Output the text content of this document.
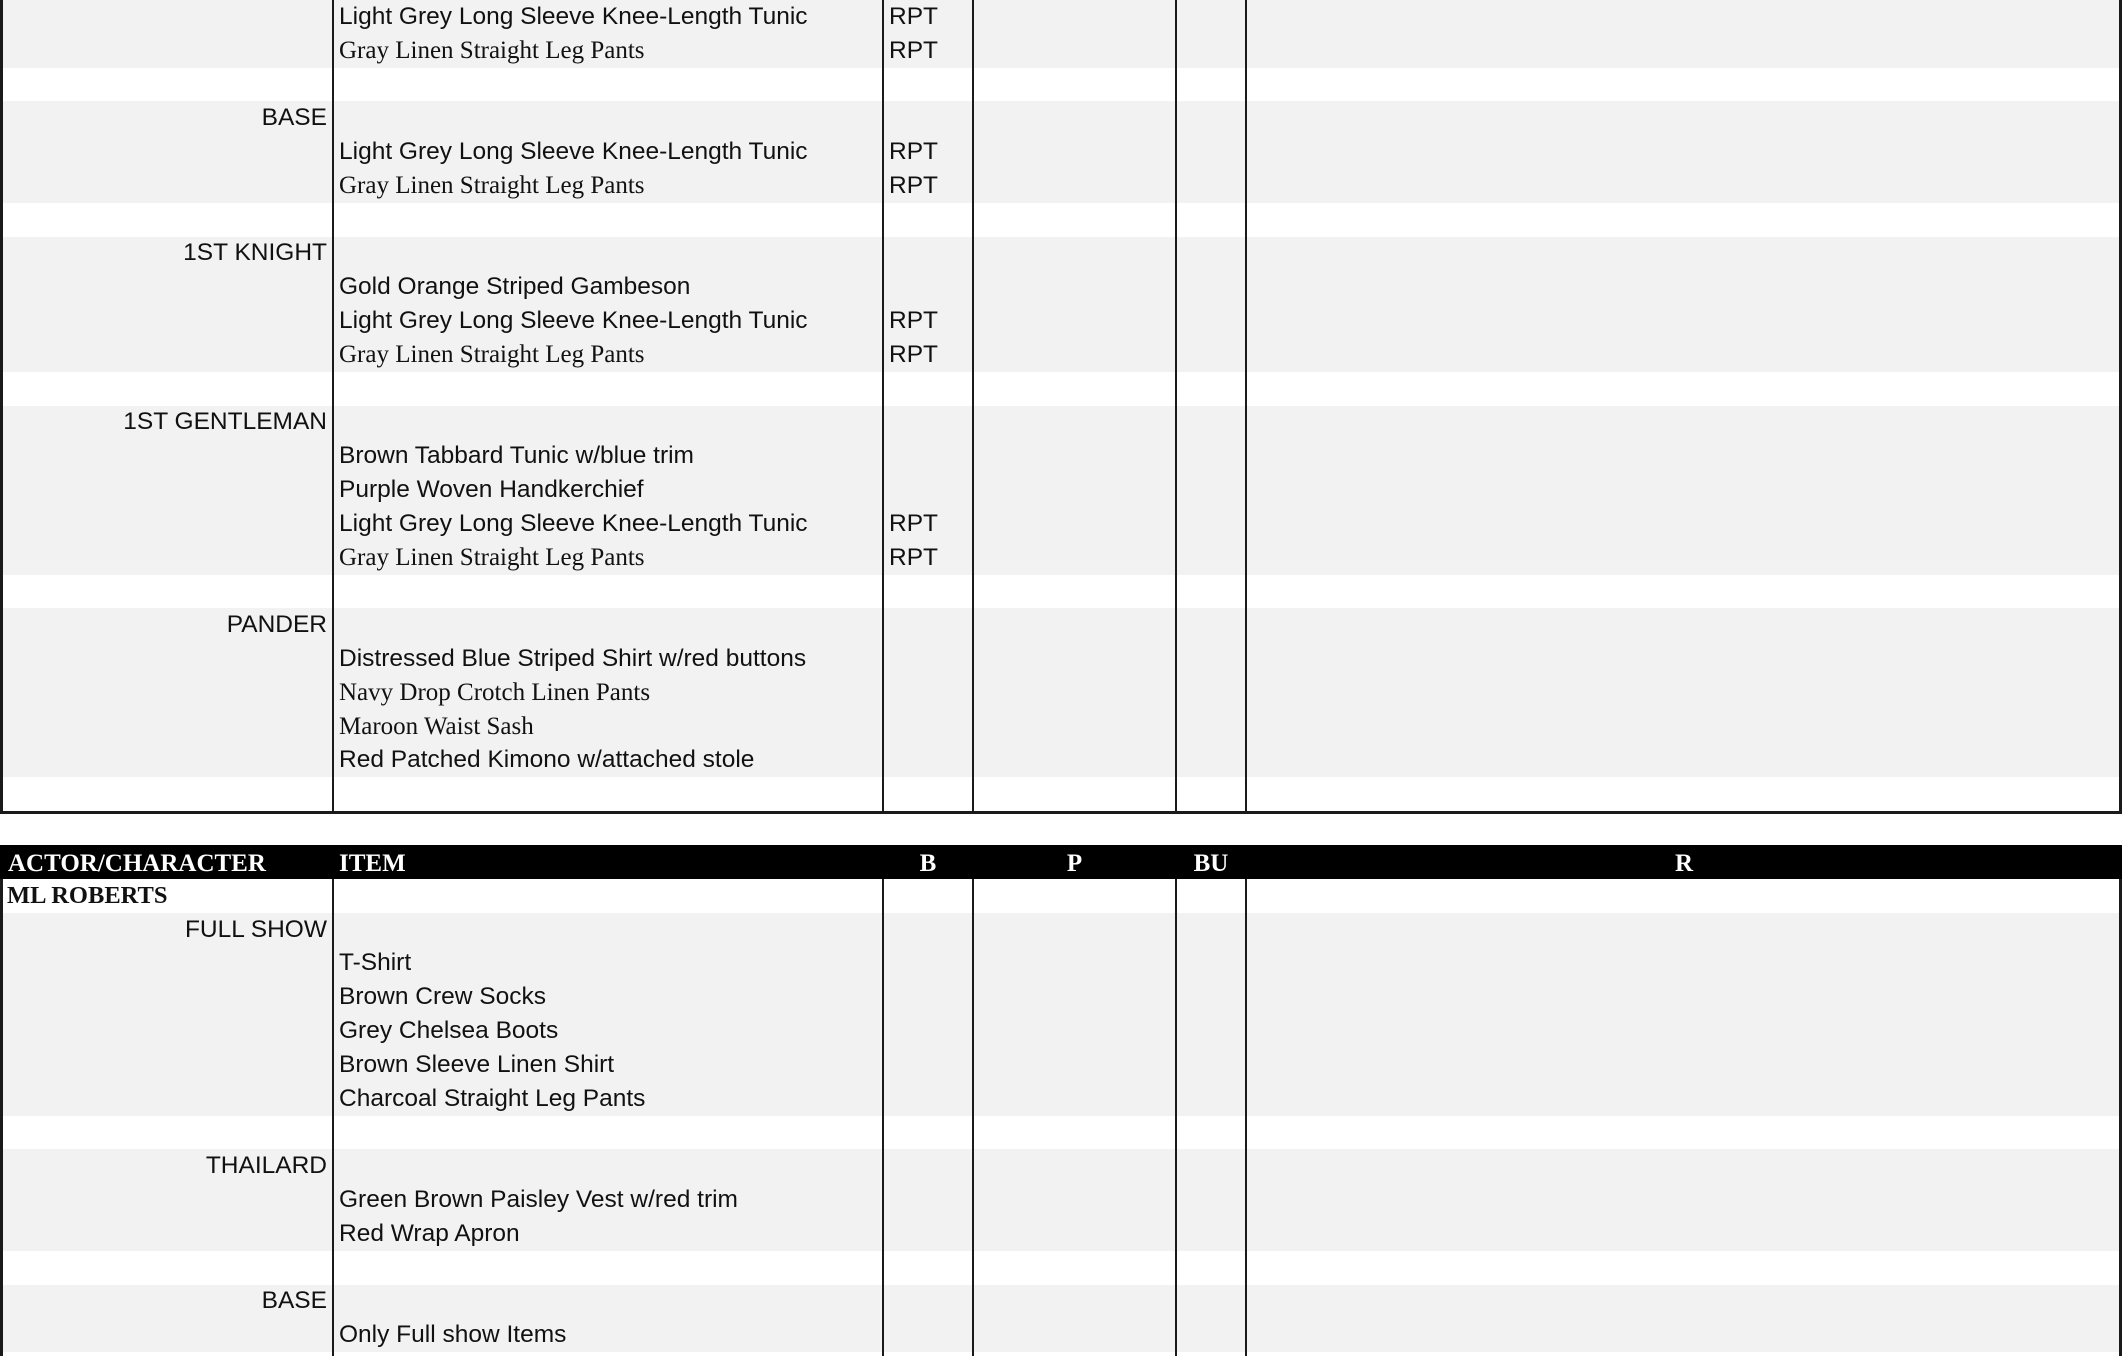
Light Grey Long Sleeve Knee-Length Tunic	RPT
Gray Linen Straight Leg Pants	RPT
BASE
Light Grey Long Sleeve Knee-Length Tunic	RPT
Gray Linen Straight Leg Pants	RPT
1ST KNIGHT
Gold Orange Striped Gambeson
Light Grey Long Sleeve Knee-Length Tunic	RPT
Gray Linen Straight Leg Pants	RPT
1ST GENTLEMAN
Brown Tabbard Tunic w/blue trim
Purple Woven Handkerchief
Light Grey Long Sleeve Knee-Length Tunic	RPT
Gray Linen Straight Leg Pants	RPT
PANDER
Distressed Blue Striped Shirt w/red buttons
Navy Drop Crotch Linen Pants
Maroon Waist Sash
Red Patched Kimono w/attached stole
ACTOR/CHARACTER	ITEM	B	P	BU	R
ML ROBERTS
FULL SHOW
T-Shirt
Brown Crew Socks
Grey Chelsea Boots
Brown Sleeve Linen Shirt
Charcoal Straight Leg Pants
THAILARD
Green Brown Paisley Vest w/red trim
Red Wrap Apron
BASE
Only Full show Items
